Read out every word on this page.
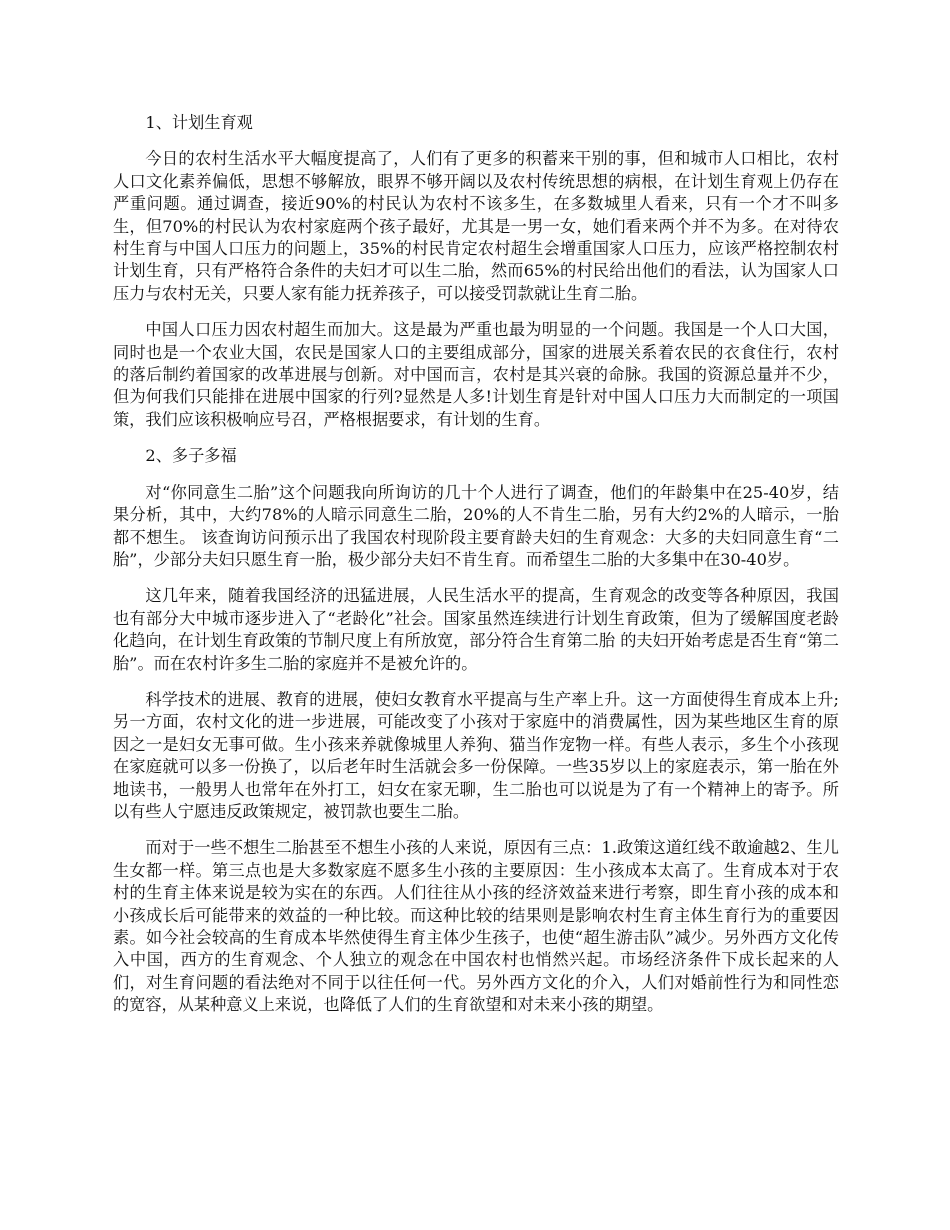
1、计划生育观
今日的农村生活水平大幅度提高了，人们有了更多的积蓄来干别的事，但和城市人口相比，农村人口文化素养偏低，思想不够解放，眼界不够开阔以及农村传统思想的病根，在计划生育观上仍存在严重问题。通过调查，接近90%的村民认为农村不该多生，在多数城里人看来，只有一个才不叫多生，但70%的村民认为农村家庭两个孩子最好，尤其是一男一女，她们看来两个并不为多。在对待农村生育与中国人口压力的问题上，35%的村民肯定农村超生会增重国家人口压力，应该严格控制农村计划生育，只有严格符合条件的夫妇才可以生二胎，然而65%的村民给出他们的看法，认为国家人口压力与农村无关，只要人家有能力抚养孩子，可以接受罚款就让生育二胎。
中国人口压力因农村超生而加大。这是最为严重也最为明显的一个问题。我国是一个人口大国，同时也是一个农业大国，农民是国家人口的主要组成部分，国家的进展关系着农民的衣食住行，农村的落后制约着国家的改革进展与创新。对中国而言，农村是其兴衰的命脉。我国的资源总量并不少，但为何我们只能排在进展中国家的行列?显然是人多!计划生育是针对中国人口压力大而制定的一项国策，我们应该积极响应号召，严格根据要求，有计划的生育。
2、多子多福
对“你同意生二胎”这个问题我向所询访的几十个人进行了调查，他们的年龄集中在25-40岁，结果分析，其中，大约78%的人暗示同意生二胎，20%的人不肯生二胎，另有大约2%的人暗示，一胎都不想生。 该查询访问预示出了我国农村现阶段主要育龄夫妇的生育观念：大多的夫妇同意生育“二胎”，少部分夫妇只愿生育一胎，极少部分夫妇不肯生育。而希望生二胎的大多集中在30-40岁。
这几年来，随着我国经济的迅猛进展，人民生活水平的提高，生育观念的改变等各种原因，我国也有部分大中城市逐步进入了“老龄化”社会。国家虽然连续进行计划生育政策，但为了缓解国度老龄化趋向，在计划生育政策的节制尺度上有所放宽，部分符合生育第二胎 的夫妇开始考虑是否生育“第二胎”。而在农村许多生二胎的家庭并不是被允许的。
科学技术的进展、教育的进展，使妇女教育水平提高与生产率上升。这一方面使得生育成本上升;另一方面，农村文化的进一步进展，可能改变了小孩对于家庭中的消费属性，因为某些地区生育的原因之一是妇女无事可做。生小孩来养就像城里人养狗、猫当作宠物一样。有些人表示，多生个小孩现在家庭就可以多一份换了，以后老年时生活就会多一份保障。一些35岁以上的家庭表示，第一胎在外地读书，一般男人也常年在外打工，妇女在家无聊，生二胎也可以说是为了有一个精神上的寄予。所以有些人宁愿违反政策规定，被罚款也要生二胎。
而对于一些不想生二胎甚至不想生小孩的人来说，原因有三点：1.政策这道红线不敢逾越2、生儿生女都一样。第三点也是大多数家庭不愿多生小孩的主要原因：生小孩成本太高了。生育成本对于农村的生育主体来说是较为实在的东西。人们往往从小孩的经济效益来进行考察，即生育小孩的成本和小孩成长后可能带来的效益的一种比较。而这种比较的结果则是影响农村生育主体生育行为的重要因素。如今社会较高的生育成本毕然使得生育主体少生孩子，也使“超生游击队”减少。另外西方文化传入中国，西方的生育观念、个人独立的观念在中国农村也悄然兴起。市场经济条件下成长起来的人们，对生育问题的看法绝对不同于以往任何一代。另外西方文化的介入，人们对婚前性行为和同性恋的宽容，从某种意义上来说，也降低了人们的生育欲望和对未来小孩的期望。
